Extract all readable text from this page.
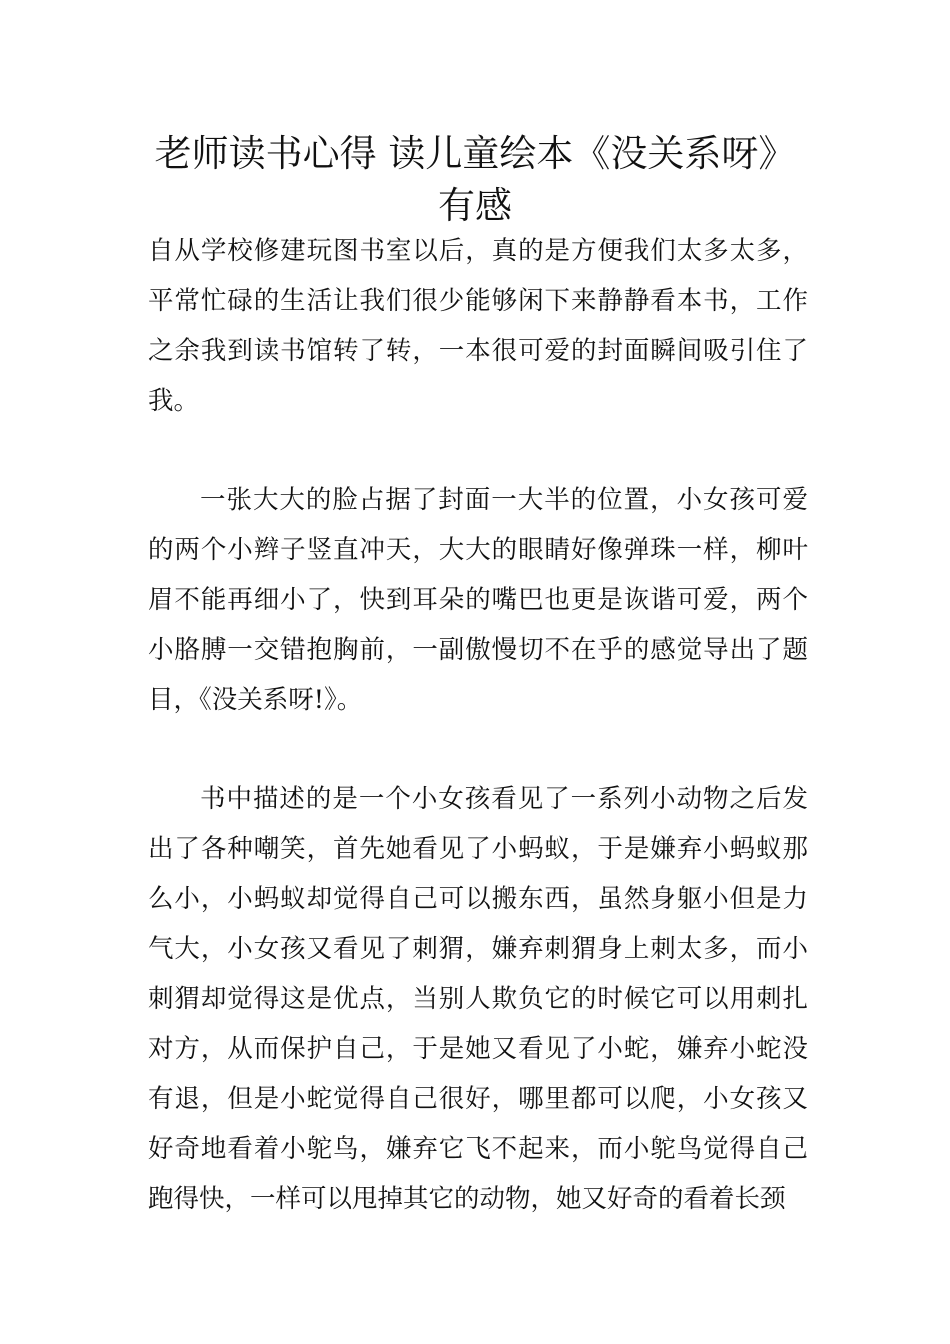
老师读书心得 读儿童绘本《没关系呀》有感

自从学校修建玩图书室以后，真的是方便我们太多太多，平常忙碌的生活让我们很少能够闲下来静静看本书，工作之余我到读书馆转了转，一本很可爱的封面瞬间吸引住了我。

一张大大的脸占据了封面一大半的位置，小女孩可爱的两个小辫子竖直冲天，大大的眼睛好像弹珠一样，柳叶眉不能再细小了，快到耳朵的嘴巴也更是诙谐可爱，两个小胳膊一交错抱胸前，一副傲慢切不在乎的感觉导出了题目，《没关系呀!》。

书中描述的是一个小女孩看见了一系列小动物之后发出了各种嘲笑，首先她看见了小蚂蚁，于是嫌弃小蚂蚁那么小，小蚂蚁却觉得自己可以搬东西，虽然身躯小但是力气大，小女孩又看见了刺猬，嫌弃刺猬身上刺太多，而小刺猬却觉得这是优点，当别人欺负它的时候它可以用刺扎对方，从而保护自己，于是她又看见了小蛇，嫌弃小蛇没有退，但是小蛇觉得自己很好，哪里都可以爬，小女孩又好奇地看着小鸵鸟，嫌弃它飞不起来，而小鸵鸟觉得自己跑得快，一样可以甩掉其它的动物，她又好奇的看着长颈
